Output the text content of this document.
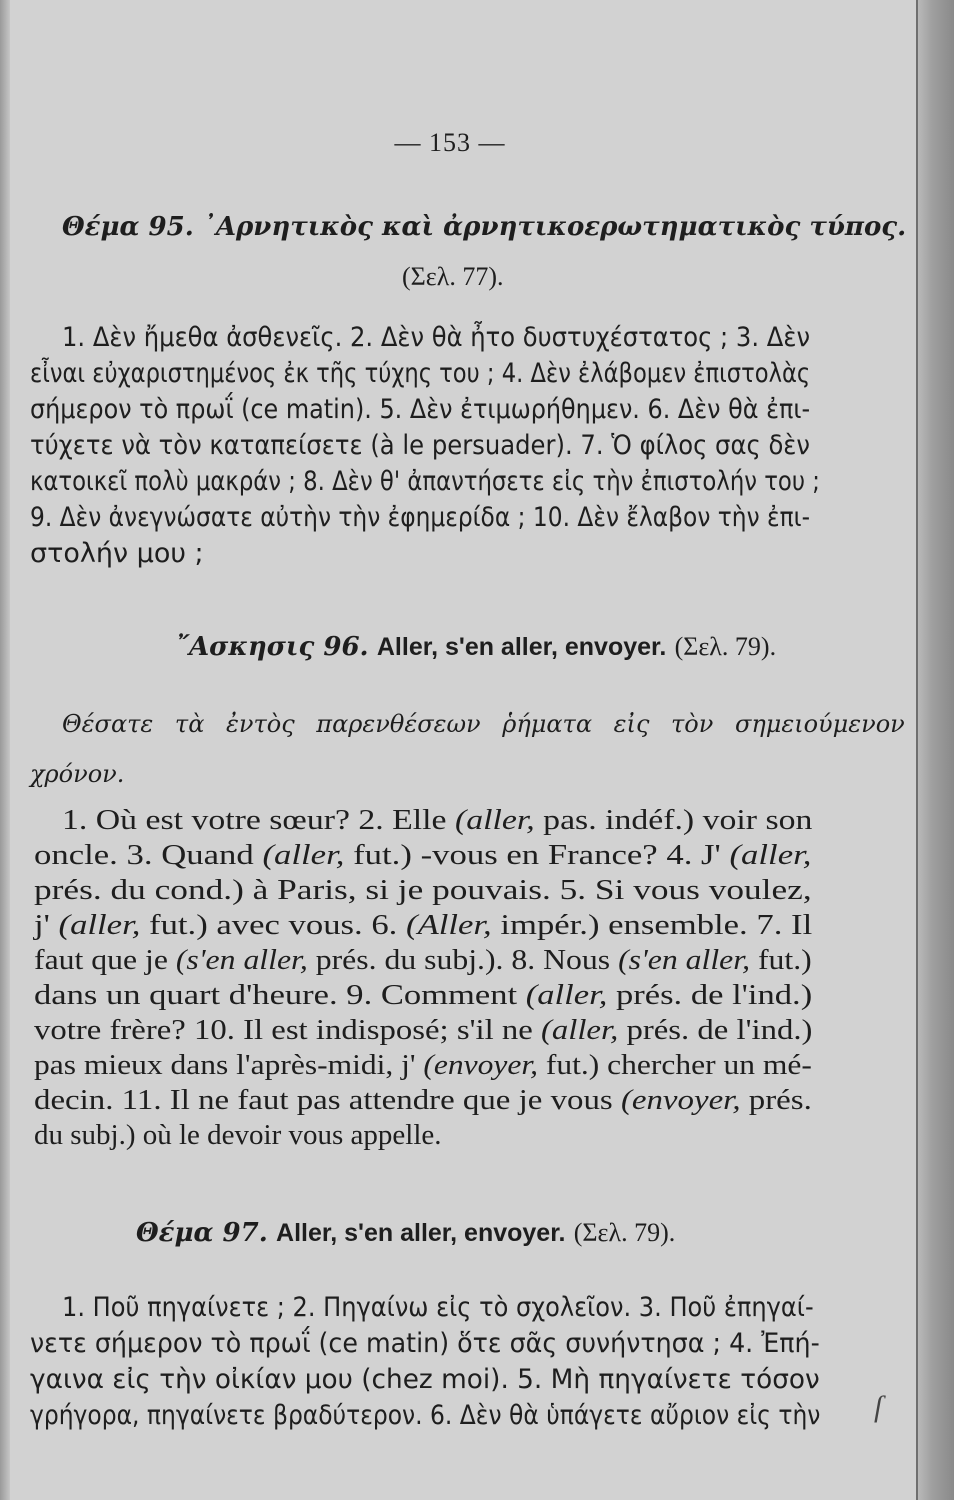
— 153 —
Θέμα 95. ᾿Αρνητικὸς καὶ ἀρνητικοερωτηματικὸς τύπος.
(Σελ. 77).
1. Δὲν ἤμεθα ἀσθενεῖς. 2. Δὲν θὰ ἦτο δυστυχέστατος ; 3. Δὲν
εἶναι εὐχαριστημένος ἐκ τῆς τύχης του ; 4. Δὲν ἐλάβομεν ἐπιστολὰς
σήμερον τὸ πρωΐ (ce matin). 5. Δὲν ἐτιμωρήθημεν. 6. Δὲν θὰ ἐπι-
τύχετε νὰ τὸν καταπείσετε (à le persuader). 7. Ὁ φίλος σας δὲν
κατοικεῖ πολὺ μακράν ; 8. Δὲν θ' ἀπαντήσετε εἰς τὴν ἐπιστολήν του ;
9. Δὲν ἀνεγνώσατε αὐτὴν τὴν ἐφημερίδα ; 10. Δὲν ἔλαβον τὴν ἐπι-
στολήν μου ;
῎Ασκησις 96. Aller, s'en aller, envoyer. (Σελ. 79).
Θέσατε τὰ ἐντὸς παρενθέσεων ῥήματα εἰς τὸν σημειούμενον
χρόνον.
1. Où est votre sœur? 2. Elle (aller, pas. indéf.) voir son
oncle. 3. Quand (aller, fut.) -vous en France? 4. J' (aller,
prés. du cond.) à Paris, si je pouvais. 5. Si vous voulez,
j' (aller, fut.) avec vous. 6. (Aller, impér.) ensemble. 7. Il
faut que je (s'en aller, prés. du subj.). 8. Nous (s'en aller, fut.)
dans un quart d'heure. 9. Comment (aller, prés. de l'ind.)
votre frère? 10. Il est indisposé; s'il ne (aller, prés. de l'ind.)
pas mieux dans l'après-midi, j' (envoyer, fut.) chercher un mé-
decin. 11. Il ne faut pas attendre que je vous (envoyer, prés.
du subj.) où le devoir vous appelle.
Θέμα 97. Aller, s'en aller, envoyer. (Σελ. 79).
1. Ποῦ πηγαίνετε ; 2. Πηγαίνω εἰς τὸ σχολεῖον. 3. Ποῦ ἐπηγαί-
νετε σήμερον τὸ πρωΐ (ce matin) ὅτε σᾶς συνήντησα ; 4. Ἐπή-
γαινα εἰς τὴν οἰκίαν μου (chez moi). 5. Μὴ πηγαίνετε τόσον
γρήγορα, πηγαίνετε βραδύτερον. 6. Δὲν θὰ ὑπάγετε αὔριον εἰς τὴν ſ
